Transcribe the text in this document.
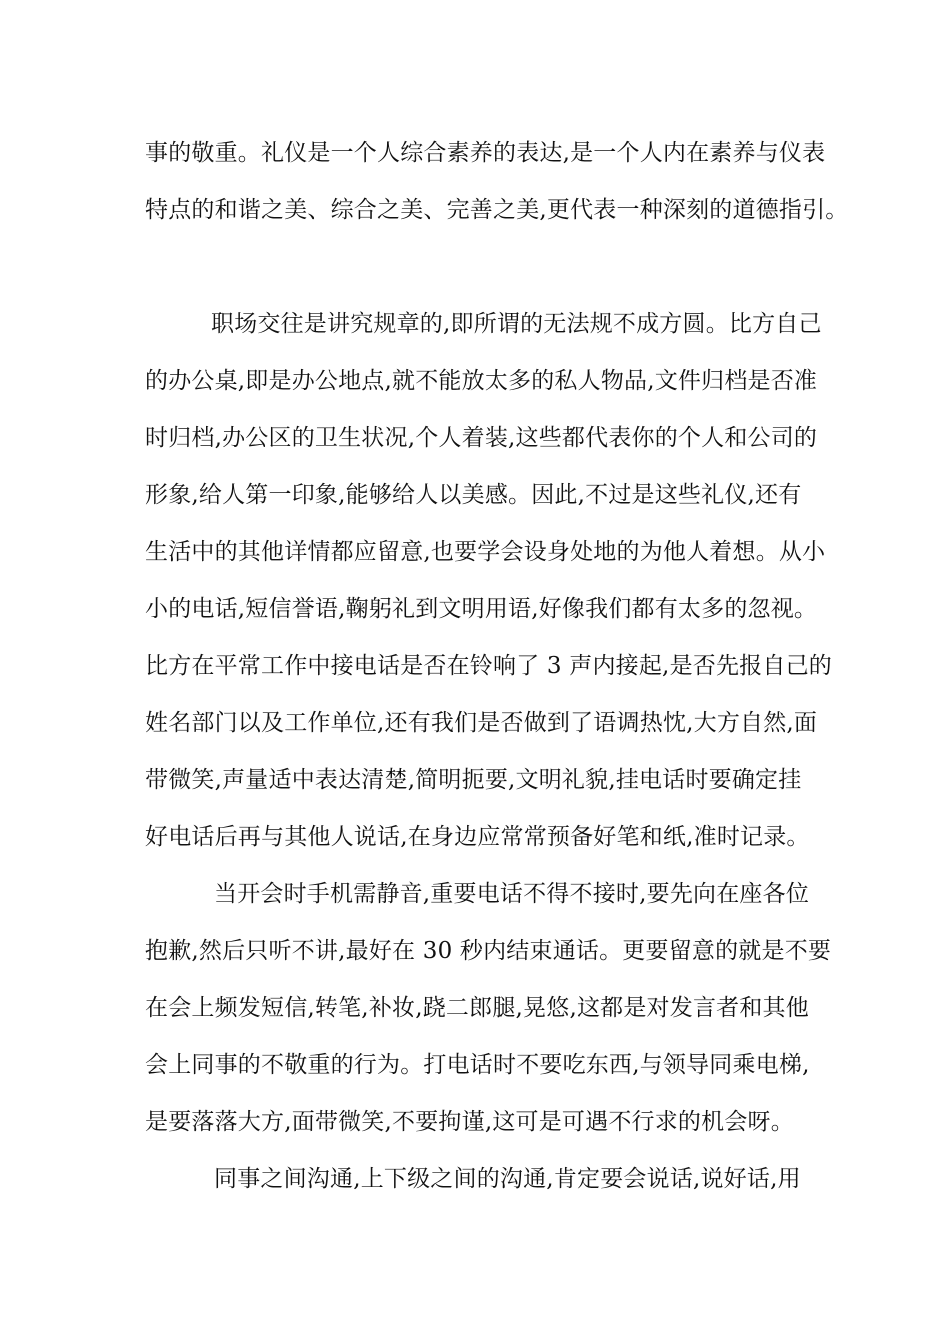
事的敬重。礼仪是一个人综合素养的表达,是一个人内在素养与仪表
特点的和谐之美、综合之美、完善之美,更代表一种深刻的道德指引。
职场交往是讲究规章的,即所谓的无法规不成方圆。比方自己
的办公桌,即是办公地点,就不能放太多的私人物品,文件归档是否准
时归档,办公区的卫生状况,个人着装,这些都代表你的个人和公司的
形象,给人第一印象,能够给人以美感。因此,不过是这些礼仪,还有
生活中的其他详情都应留意,也要学会设身处地的为他人着想。从小
小的电话,短信誉语,鞠躬礼到文明用语,好像我们都有太多的忽视。
比方在平常工作中接电话是否在铃响了 3 声内接起,是否先报自己的
姓名部门以及工作单位,还有我们是否做到了语调热忱,大方自然,面
带微笑,声量适中表达清楚,简明扼要,文明礼貌,挂电话时要确定挂
好电话后再与其他人说话,在身边应常常预备好笔和纸,准时记录。
当开会时手机需静音,重要电话不得不接时,要先向在座各位
抱歉,然后只听不讲,最好在 30 秒内结束通话。更要留意的就是不要
在会上频发短信,转笔,补妆,跷二郎腿,晃悠,这都是对发言者和其他
会上同事的不敬重的行为。打电话时不要吃东西,与领导同乘电梯,
是要落落大方,面带微笑,不要拘谨,这可是可遇不行求的机会呀。
同事之间沟通,上下级之间的沟通,肯定要会说话,说好话,用
